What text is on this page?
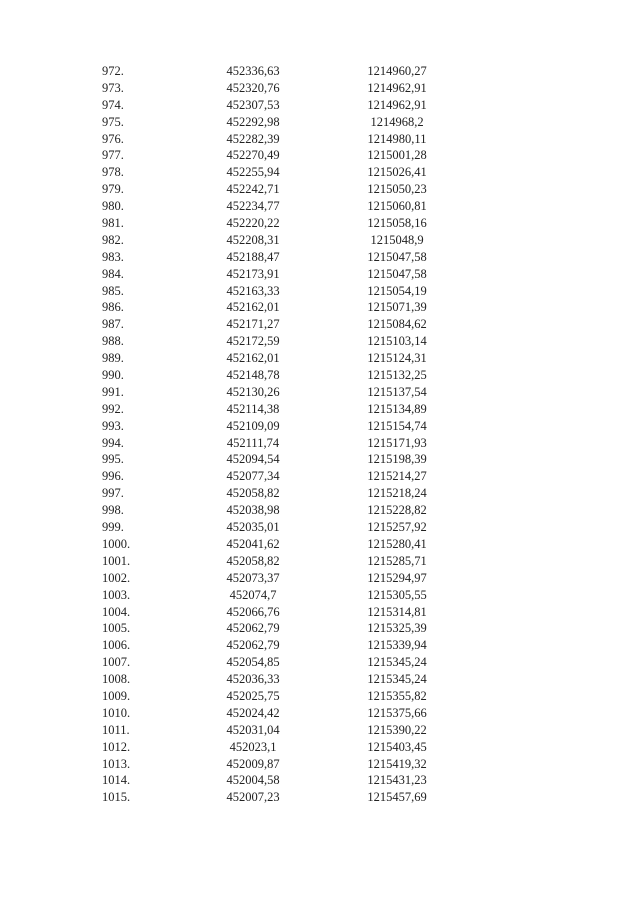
972.	452336,63	1214960,27
973.	452320,76	1214962,91
974.	452307,53	1214962,91
975.	452292,98	1214968,2
976.	452282,39	1214980,11
977.	452270,49	1215001,28
978.	452255,94	1215026,41
979.	452242,71	1215050,23
980.	452234,77	1215060,81
981.	452220,22	1215058,16
982.	452208,31	1215048,9
983.	452188,47	1215047,58
984.	452173,91	1215047,58
985.	452163,33	1215054,19
986.	452162,01	1215071,39
987.	452171,27	1215084,62
988.	452172,59	1215103,14
989.	452162,01	1215124,31
990.	452148,78	1215132,25
991.	452130,26	1215137,54
992.	452114,38	1215134,89
993.	452109,09	1215154,74
994.	452111,74	1215171,93
995.	452094,54	1215198,39
996.	452077,34	1215214,27
997.	452058,82	1215218,24
998.	452038,98	1215228,82
999.	452035,01	1215257,92
1000.	452041,62	1215280,41
1001.	452058,82	1215285,71
1002.	452073,37	1215294,97
1003.	452074,7	1215305,55
1004.	452066,76	1215314,81
1005.	452062,79	1215325,39
1006.	452062,79	1215339,94
1007.	452054,85	1215345,24
1008.	452036,33	1215345,24
1009.	452025,75	1215355,82
1010.	452024,42	1215375,66
1011.	452031,04	1215390,22
1012.	452023,1	1215403,45
1013.	452009,87	1215419,32
1014.	452004,58	1215431,23
1015.	452007,23	1215457,69
